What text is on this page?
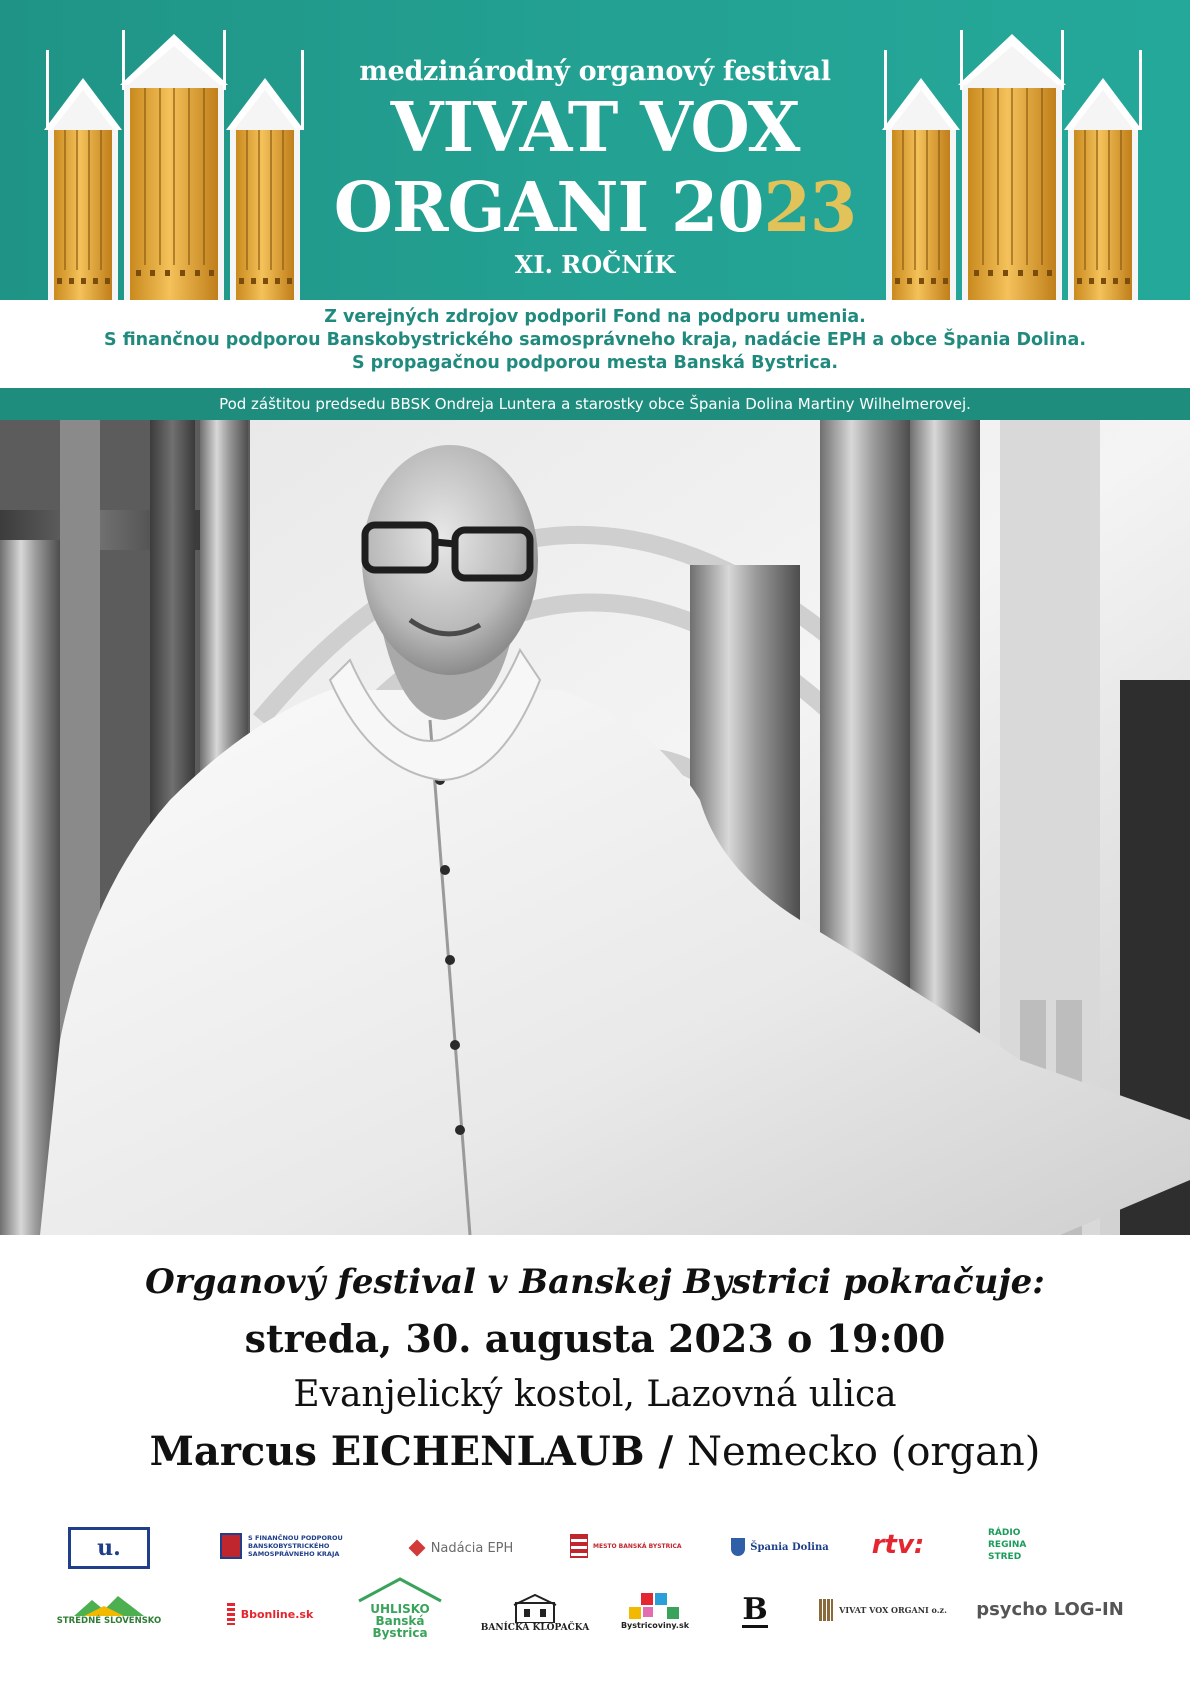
medzinárodný organový festival
VIVAT VOX
ORGANI 2023
XI. ROČNÍK
Z verejných zdrojov podporil Fond na podporu umenia.
S finančnou podporou Banskobystrického samosprávneho kraja, nadácie EPH a obce Špania Dolina.
S propagačnou podporou mesta Banská Bystrica.
Pod záštitou predsedu BBSK Ondreja Luntera a starostky obce Špania Dolina Martiny Wilhelmerovej.
Organový festival v Banskej Bystrici pokračuje:
streda, 30. augusta 2023 o 19:00
Evanjelický kostol, Lazovná ulica
Marcus EICHENLAUB / Nemecko (organ)
u.	S FINANČNOU PODPOROU BANSKOBYSTRICKÉHO SAMOSPRÁVNEHO KRAJA	Nadácia EPH	MESTO BANSKÁ BYSTRICA	Špania Dolina rtv:	RÁDIO REGINA STRED
STREDNÉ SLOVENSKO
Bbonline.sk	UHLISKO Banská Bystrica	BANÍCKA KLOPAČKA	Bystricoviny.sk B	VIVAT VOX ORGANI o.z. psycho LOG-IN
